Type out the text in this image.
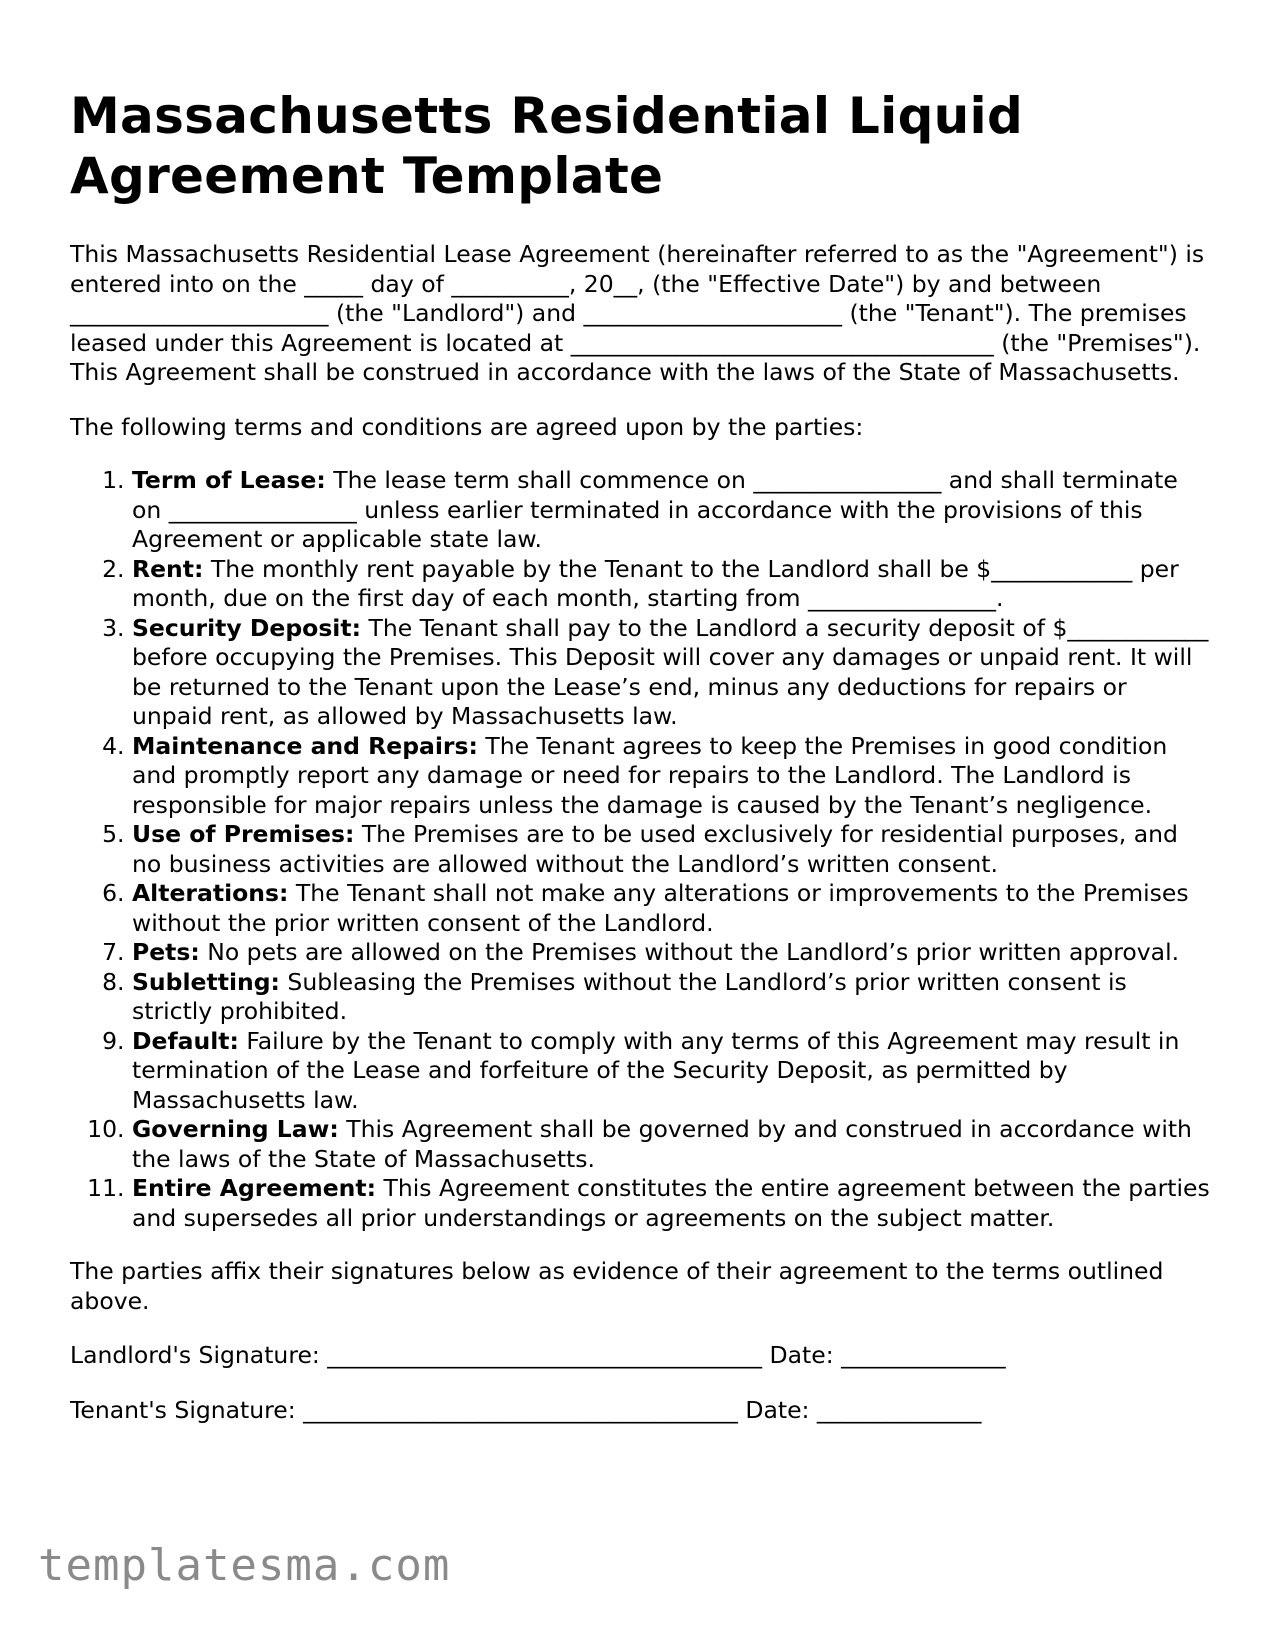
Massachusetts Residential Liquid Agreement Template

This Massachusetts Residential Lease Agreement (hereinafter referred to as the "Agreement") is entered into on the _____ day of __________, 20__, (the "Effective Date") by and between ______________________ (the "Landlord") and ______________________ (the "Tenant"). The premises leased under this Agreement is located at ____________________________________ (the "Premises"). This Agreement shall be construed in accordance with the laws of the State of Massachusetts.

The following terms and conditions are agreed upon by the parties:

1. Term of Lease: The lease term shall commence on ________________ and shall terminate on ________________ unless earlier terminated in accordance with the provisions of this Agreement or applicable state law.
2. Rent: The monthly rent payable by the Tenant to the Landlord shall be $____________ per month, due on the first day of each month, starting from ________________.
3. Security Deposit: The Tenant shall pay to the Landlord a security deposit of $____________ before occupying the Premises. This Deposit will cover any damages or unpaid rent. It will be returned to the Tenant upon the Lease’s end, minus any deductions for repairs or unpaid rent, as allowed by Massachusetts law.
4. Maintenance and Repairs: The Tenant agrees to keep the Premises in good condition and promptly report any damage or need for repairs to the Landlord. The Landlord is responsible for major repairs unless the damage is caused by the Tenant’s negligence.
5. Use of Premises: The Premises are to be used exclusively for residential purposes, and no business activities are allowed without the Landlord’s written consent.
6. Alterations: The Tenant shall not make any alterations or improvements to the Premises without the prior written consent of the Landlord.
7. Pets: No pets are allowed on the Premises without the Landlord’s prior written approval.
8. Subletting: Subleasing the Premises without the Landlord’s prior written consent is strictly prohibited.
9. Default: Failure by the Tenant to comply with any terms of this Agreement may result in termination of the Lease and forfeiture of the Security Deposit, as permitted by Massachusetts law.
10. Governing Law: This Agreement shall be governed by and construed in accordance with the laws of the State of Massachusetts.
11. Entire Agreement: This Agreement constitutes the entire agreement between the parties and supersedes all prior understandings or agreements on the subject matter.

The parties affix their signatures below as evidence of their agreement to the terms outlined above.

Landlord's Signature: _____________________________________ Date: ______________

Tenant's Signature: _____________________________________ Date: ______________

templatesma.com
